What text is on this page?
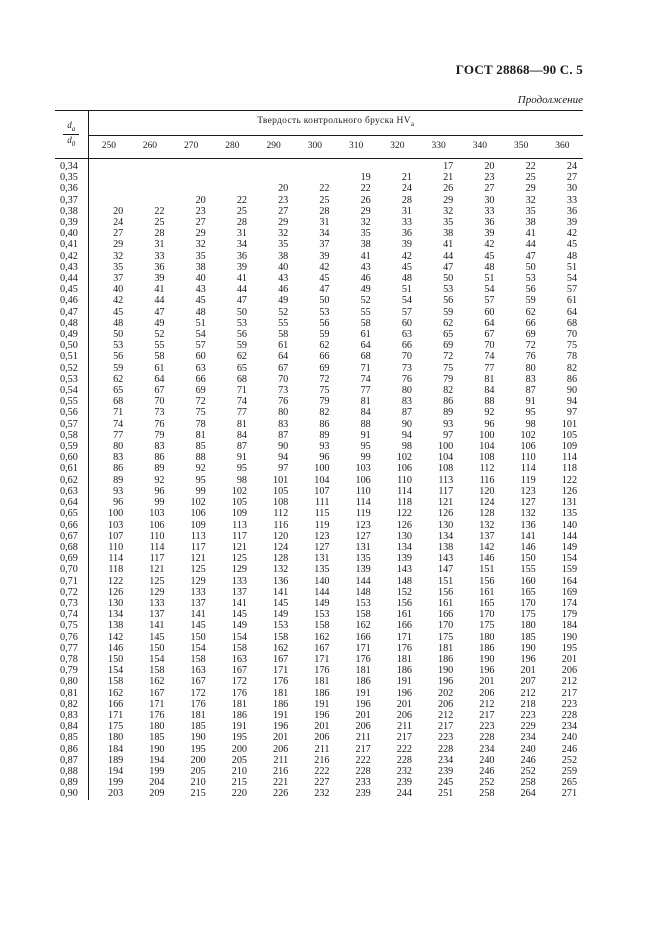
ГОСТ 28868—90 С. 5
Продолжение
$\frac{d_a}{d_0}$	Твердость контрольного бруска $HV_a$
	250	260	270	280	290	300	310	320	330	340	350	360
0,34									17	20	22	24
0,35							19	21	21	23	25	27
0,36					20	22	22	24	26	27	29	30
0,37			20	22	23	25	26	28	29	30	32	33
0,38	20	22	23	25	27	28	29	31	32	33	35	36
0,39	24	25	27	28	29	31	32	33	35	36	38	39
0,40	27	28	29	31	32	34	35	36	38	39	41	42
0,41	29	31	32	34	35	37	38	39	41	42	44	45
0,42	32	33	35	36	38	39	41	42	44	45	47	48
0,43	35	36	38	39	40	42	43	45	47	48	50	51
0,44	37	39	40	41	43	45	46	48	50	51	53	54
0,45	40	41	43	44	46	47	49	51	53	54	56	57
0,46	42	44	45	47	49	50	52	54	56	57	59	61
0,47	45	47	48	50	52	53	55	57	59	60	62	64
0,48	48	49	51	53	55	56	58	60	62	64	66	68
0,49	50	52	54	56	58	59	61	63	65	67	69	70
0,50	53	55	57	59	61	62	64	66	69	70	72	75
0,51	56	58	60	62	64	66	68	70	72	74	76	78
0,52	59	61	63	65	67	69	71	73	75	77	80	82
0,53	62	64	66	68	70	72	74	76	79	81	83	86
0,54	65	67	69	71	73	75	77	80	82	84	87	90
0,55	68	70	72	74	76	79	81	83	86	88	91	94
0,56	71	73	75	77	80	82	84	87	89	92	95	97
0,57	74	76	78	81	83	86	88	90	93	96	98	101
0,58	77	79	81	84	87	89	91	94	97	100	102	105
0,59	80	83	85	87	90	93	95	98	100	104	106	109
0,60	83	86	88	91	94	96	99	102	104	108	110	114
0,61	86	89	92	95	97	100	103	106	108	112	114	118
0,62	89	92	95	98	101	104	106	110	113	116	119	122
0,63	93	96	99	102	105	107	110	114	117	120	123	126
0,64	96	99	102	105	108	111	114	118	121	124	127	131
0,65	100	103	106	109	112	115	119	122	126	128	132	135
0,66	103	106	109	113	116	119	123	126	130	132	136	140
0,67	107	110	113	117	120	123	127	130	134	137	141	144
0,68	110	114	117	121	124	127	131	134	138	142	146	149
0,69	114	117	121	125	128	131	135	139	143	146	150	154
0,70	118	121	125	129	132	135	139	143	147	151	155	159
0,71	122	125	129	133	136	140	144	148	151	156	160	164
0,72	126	129	133	137	141	144	148	152	156	161	165	169
0,73	130	133	137	141	145	149	153	156	161	165	170	174
0,74	134	137	141	145	149	153	158	161	166	170	175	179
0,75	138	141	145	149	153	158	162	166	170	175	180	184
0,76	142	145	150	154	158	162	166	171	175	180	185	190
0,77	146	150	154	158	162	167	171	176	181	186	190	195
0,78	150	154	158	163	167	171	176	181	186	190	196	201
0,79	154	158	163	167	171	176	181	186	190	196	201	206
0,80	158	162	167	172	176	181	186	191	196	201	207	212
0,81	162	167	172	176	181	186	191	196	202	206	212	217
0,82	166	171	176	181	186	191	196	201	206	212	218	223
0,83	171	176	181	186	191	196	201	206	212	217	223	228
0,84	175	180	185	191	196	201	206	211	217	223	229	234
0,85	180	185	190	195	201	206	211	217	223	228	234	240
0,86	184	190	195	200	206	211	217	222	228	234	240	246
0,87	189	194	200	205	211	216	222	228	234	240	246	252
0,88	194	199	205	210	216	222	228	232	239	246	252	259
0,89	199	204	210	215	221	227	233	239	245	252	258	265
0,90	203	209	215	220	226	232	239	244	251	258	264	271
